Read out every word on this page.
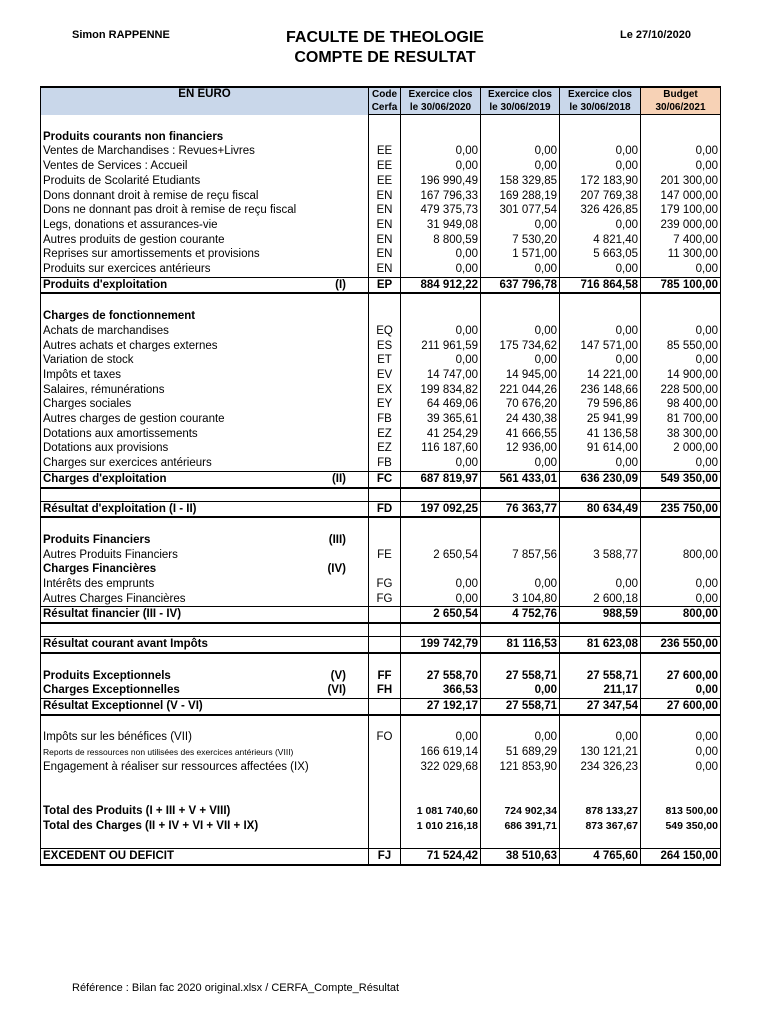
Simon RAPPENNE	FACULTE DE THEOLOGIE
COMPTE DE RESULTAT
Le 27/10/2020
EN EURO	Code	Exercice clos	Exercice clos	Exercice clos	Budget
	Cerfa	le 30/06/2020	le 30/06/2019	le 30/06/2018	30/06/2021

Produits courants non financiers					
Ventes de Marchandises : Revues+Livres	EE	0,00	0,00	0,00	0,00
Ventes de Services : Accueil	EE	0,00	0,00	0,00	0,00
Produits de Scolarité Etudiants	EE	196 990,49	158 329,85	172 183,90	201 300,00
Dons donnant droit à remise de reçu fiscal	EN	167 796,33	169 288,19	207 769,38	147 000,00
Dons ne donnant pas droit à remise de reçu fiscal	EN	479 375,73	301 077,54	326 426,85	179 100,00
Legs, donations et assurances-vie	EN	31 949,08	0,00	0,00	239 000,00
Autres produits de gestion courante	EN	8 800,59	7 530,20	4 821,40	7 400,00
Reprises sur amortissements et provisions	EN	0,00	1 571,00	5 663,05	11 300,00
Produits sur exercices antérieurs	EN	0,00	0,00	0,00	0,00
Produits d'exploitation (I)	EP	884 912,22	637 796,78	716 864,58	785 100,00

Charges de fonctionnement					
Achats de marchandises	EQ	0,00	0,00	0,00	0,00
Autres achats et charges externes	ES	211 961,59	175 734,62	147 571,00	85 550,00
Variation de stock	ET	0,00	0,00	0,00	0,00
Impôts et taxes	EV	14 747,00	14 945,00	14 221,00	14 900,00
Salaires, rémunérations	EX	199 834,82	221 044,26	236 148,66	228 500,00
Charges sociales	EY	64 469,06	70 676,20	79 596,86	98 400,00
Autres charges de gestion courante	FB	39 365,61	24 430,38	25 941,99	81 700,00
Dotations aux amortissements	EZ	41 254,29	41 666,55	41 136,58	38 300,00
Dotations aux provisions	EZ	116 187,60	12 936,00	91 614,00	2 000,00
Charges sur exercices antérieurs	FB	0,00	0,00	0,00	0,00
Charges d'exploitation (II)	FC	687 819,97	561 433,01	636 230,09	549 350,00

Résultat d'exploitation (I - II)	FD	197 092,25	76 363,77	80 634,49	235 750,00

Produits Financiers (III)					

Autres Produits Financiers	FE	2 650,54	7 857,56	3 588,77	800,00
Charges Financières (IV)					

Intérêts des emprunts	FG	0,00	0,00	0,00	0,00
Autres Charges Financières	FG	0,00	3 104,80	2 600,18	0,00
Résultat financier (III - IV)		2 650,54	4 752,76	988,59	800,00

Résultat courant avant Impôts		199 742,79	81 116,53	81 623,08	236 550,00

Produits Exceptionnels (V)	FF	27 558,70	27 558,71	27 558,71	27 600,00
Charges Exceptionnelles (VI)	FH	366,53	0,00	211,17	0,00
Résultat Exceptionnel (V - VI)		27 192,17	27 558,71	27 347,54	27 600,00

Impôts sur les bénéfices (VII)	FO	0,00	0,00	0,00	0,00
Reports de ressources non utilisées des exercices antérieurs (VIII)		166 619,14	51 689,29	130 121,21	0,00
Engagement à réaliser sur ressources affectées (IX)		322 029,68	121 853,90	234 326,23	0,00

Total des Produits (I + III + V + VIII)		1 081 740,60	724 902,34	878 133,27	813 500,00
Total des Charges (II + IV + VI + VII + IX)		1 010 216,18	686 391,71	873 367,67	549 350,00

EXCEDENT OU DEFICIT	FJ	71 524,42	38 510,63	4 765,60	264 150,00
Référence : Bilan fac 2020 original.xlsx / CERFA_Compte_Résultat
